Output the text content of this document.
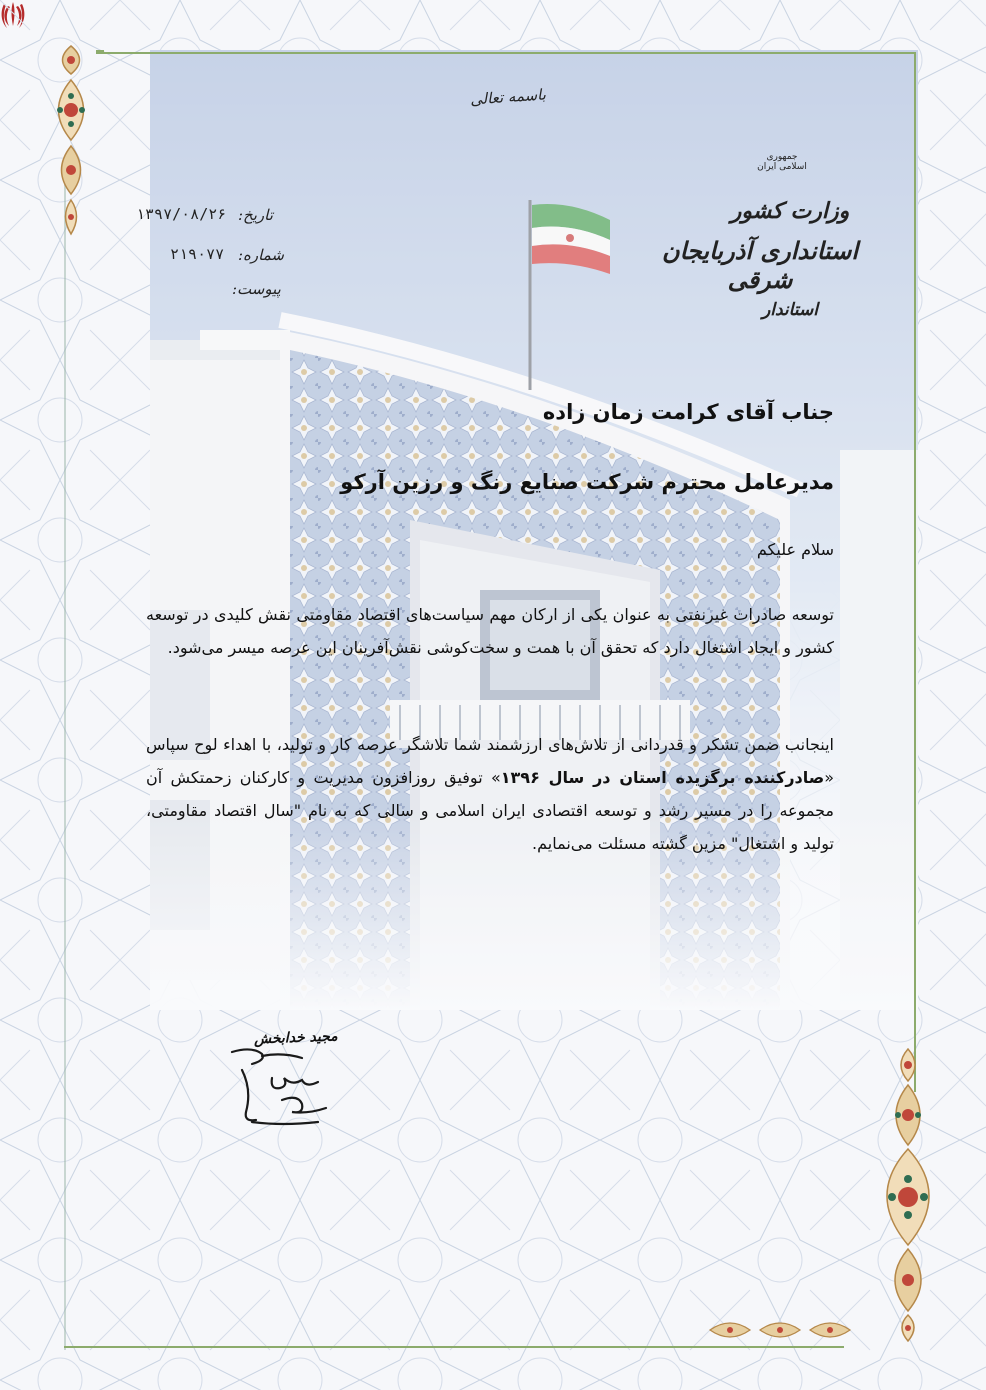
باسمه تعالی
جمهوری اسلامی ایران
وزارت کشور
استانداری آذربایجان شرقی
استاندار
تاریخ:
۱۳۹۷/۰۸/۲۶
شماره:
۲۱۹۰۷۷
پیوست:
جناب آقای کرامت زمان زاده
مدیرعامل محترم شرکت صنایع رنگ و رزین آرکو
سلام علیکم
توسعه صادرات غیرنفتی به عنوان یکی از ارکان مهم سیاست‌های اقتصاد مقاومتی نقش کلیدی در توسعه کشور و ایجاد اشتغال دارد که تحقق آن با همت و سخت‌کوشی نقش‌آفرینان این عرصه میسر می‌شود.
اینجانب ضمن تشکر و قدردانی از تلاش‌های ارزشمند شما تلاشگر عرصه کار و تولید، با اهداء لوح سپاس «صادرکننده برگزیده استان در سال ۱۳۹۶» توفیق روزافزون مدیریت و کارکنان زحمتکش آن مجموعه را در مسیر رشد و توسعه اقتصادی ایران اسلامی و سالی که به نام "سال اقتصاد مقاومتی، تولید و اشتغال" مزین گشته مسئلت می‌نمایم.
مجید خدابخش
